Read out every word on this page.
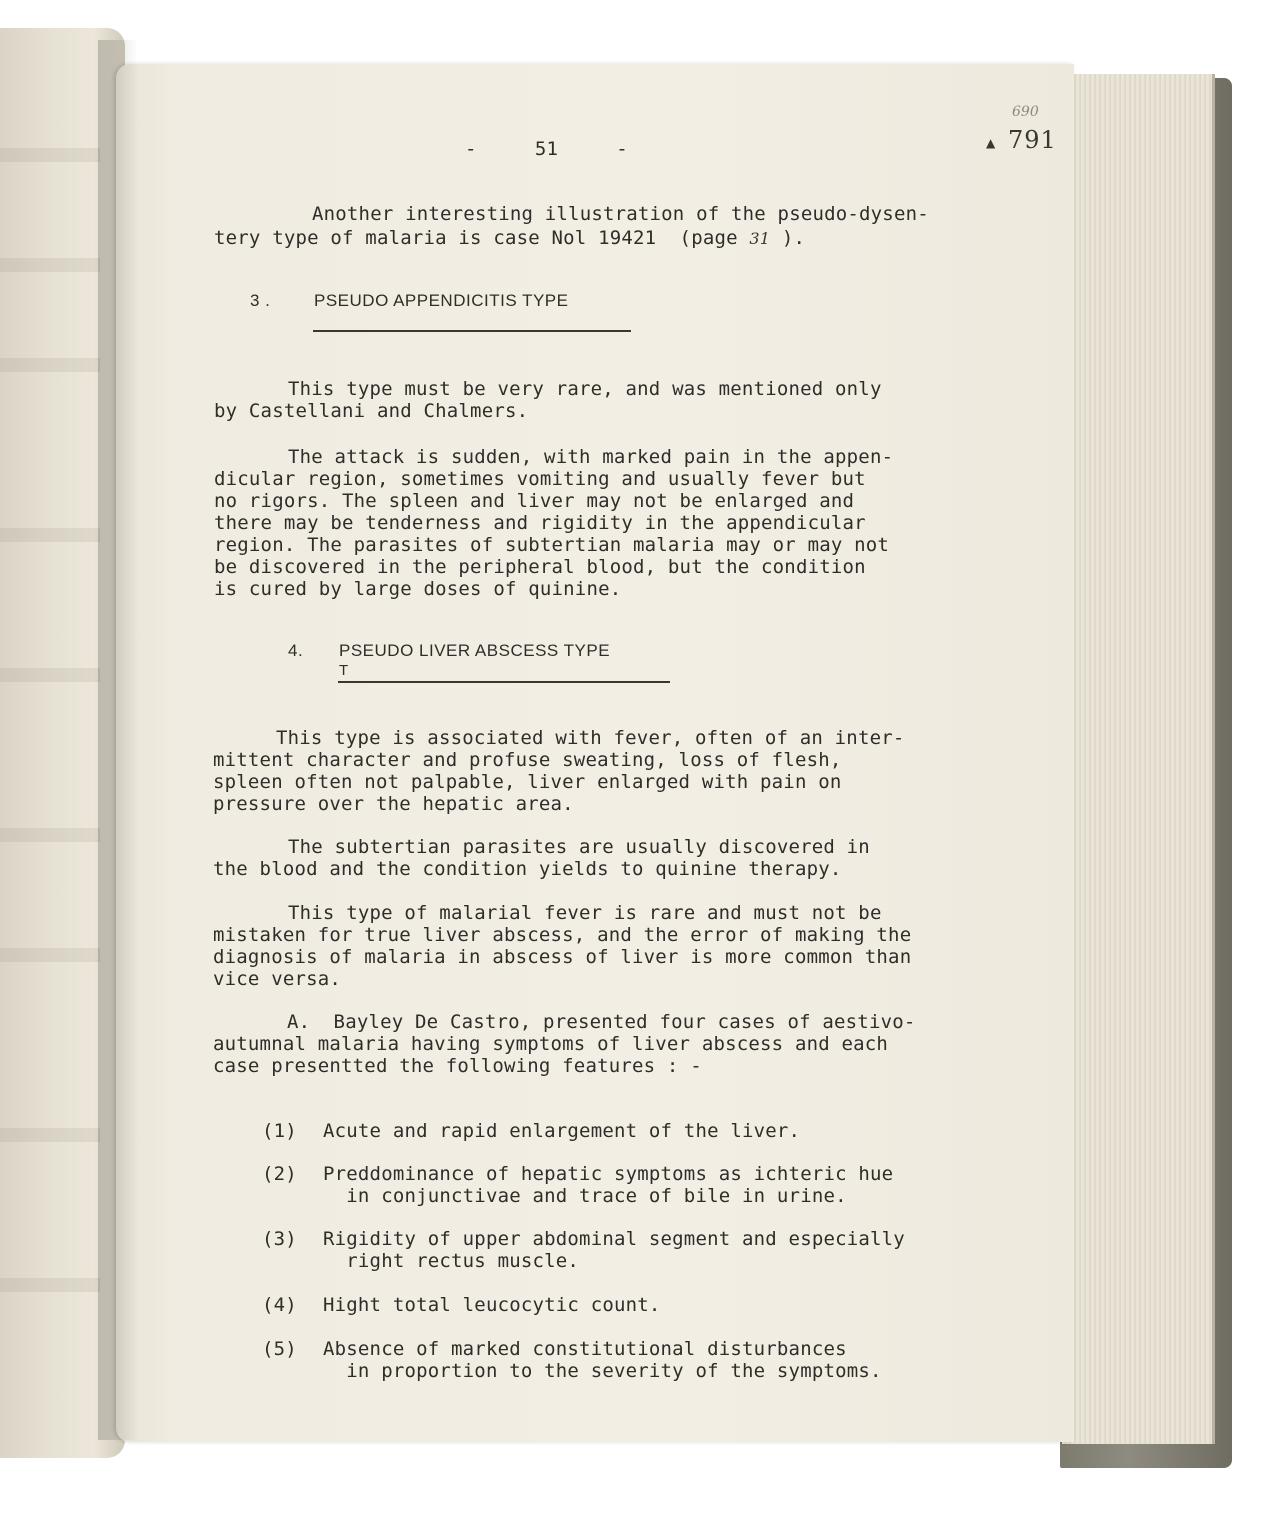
-     51     -
690
▲ 791
Another interesting illustration of the pseudo-dysen-
tery type of malaria is case Nol 19421  (page 31 ).
3 .	PSEUDO APPENDICITIS TYPE
This type must be very rare, and was mentioned only
by Castellani and Chalmers.
The attack is sudden, with marked pain in the appen-
dicular region, sometimes vomiting and usually fever but
no rigors. The spleen and liver may not be enlarged and
there may be tenderness and rigidity in the appendicular
region. The parasites of subtertian malaria may or may not
be discovered in the peripheral blood, but the condition
is cured by large doses of quinine.
4. PSEUDO LIVER ABSCESS TYPE
T
This type is associated with fever, often of an inter-
mittent character and profuse sweating, loss of flesh,
spleen often not palpable, liver enlarged with pain on
pressure over the hepatic area.
The subtertian parasites are usually discovered in
the blood and the condition yields to quinine therapy.
This type of malarial fever is rare and must not be
mistaken for true liver abscess, and the error of making the
diagnosis of malaria in abscess of liver is more common than
vice versa.
A.  Bayley De Castro, presented four cases of aestivo-
autumnal malaria having symptoms of liver abscess and each
case presentted the following features : -
(1) Acute and rapid enlargement of the liver.
(2) Preddominance of hepatic symptoms as ichteric hue
in conjunctivae and trace of bile in urine.
(3) Rigidity of upper abdominal segment and especially
right rectus muscle.
(4) Hight total leucocytic count.
(5) Absence of marked constitutional disturbances
in proportion to the severity of the symptoms.
